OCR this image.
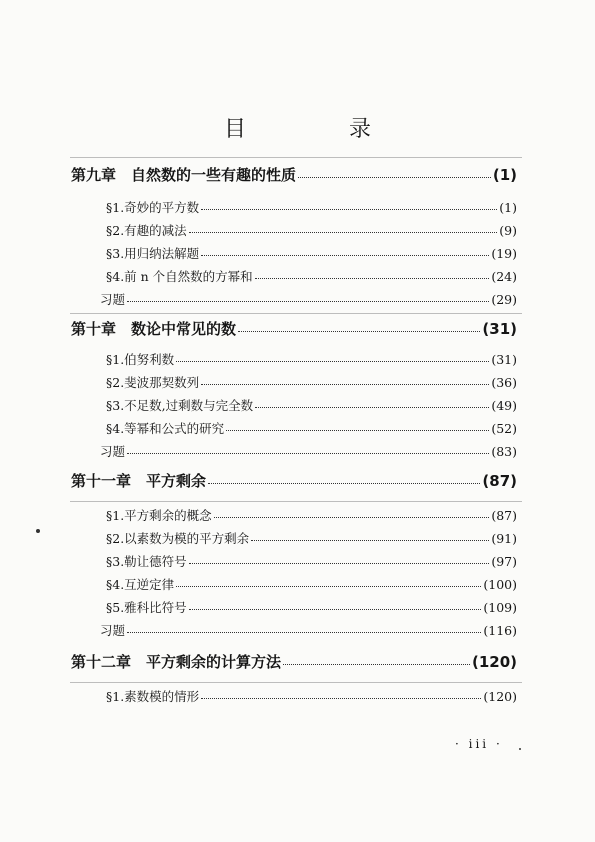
目 录
第九章　自然数的一些有趣的性质	(1)
§1.奇妙的平方数	(1)
§2.有趣的减法	(9)
§3.用归纳法解题	(19)
§4.前 n 个自然数的方幂和	(24)
习题	(29)
第十章　数论中常见的数	(31)
§1.伯努利数	(31)
§2.斐波那契数列	(36)
§3.不足数,过剩数与完全数	(49)
§4.等幂和公式的研究	(52)
习题	(83)
第十一章　平方剩余	(87)
§1.平方剩余的概念	(87)
§2.以素数为模的平方剩余	(91)
§3.勒让德符号	(97)
§4.互逆定律	(100)
§5.雅科比符号	(109)
习题	(116)
第十二章　平方剩余的计算方法	(120)
§1.素数模的情形	(120)
· iii ·
